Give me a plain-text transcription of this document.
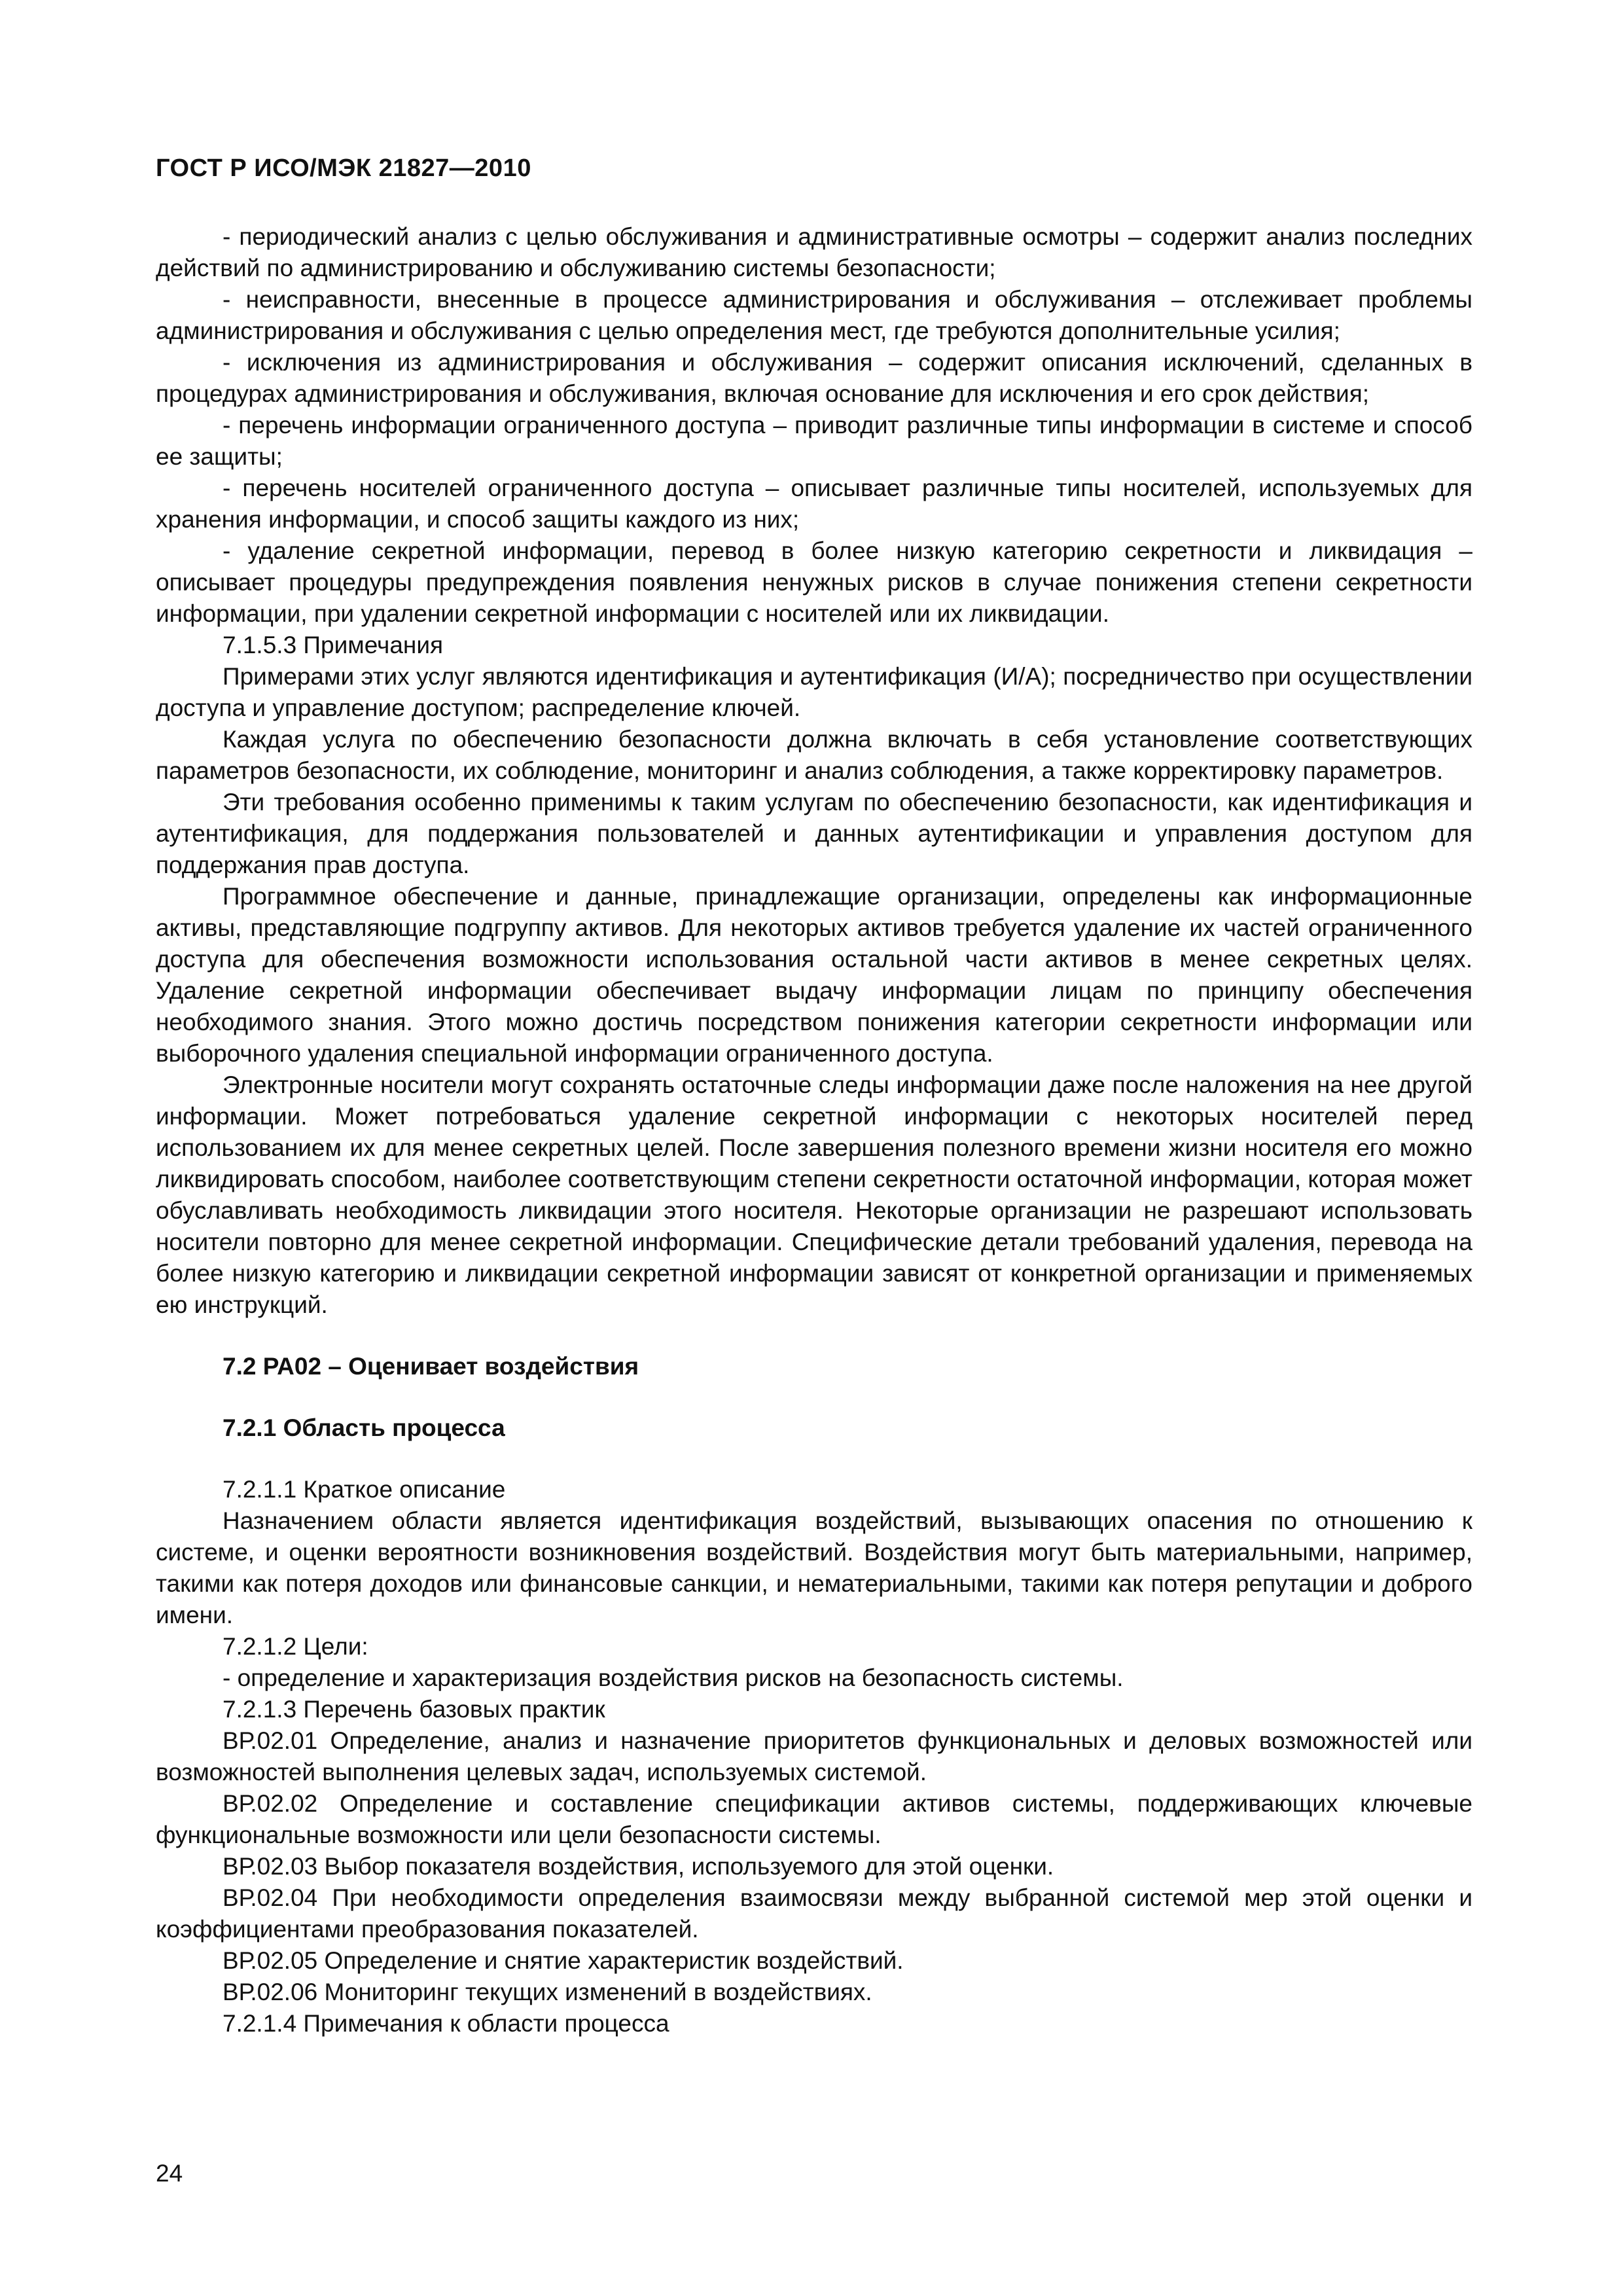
ГОСТ Р ИСО/МЭК 21827—2010

- периодический анализ с целью обслуживания и административные осмотры – содержит анализ последних действий по администрированию и обслуживанию системы безопасности;

- неисправности, внесенные в процессе администрирования и обслуживания – отслеживает проблемы администрирования и обслуживания с целью определения мест, где требуются дополнительные усилия;

- исключения из администрирования и обслуживания – содержит описания исключений, сделанных в процедурах администрирования и обслуживания, включая основание для исключения и его срок действия;

- перечень информации ограниченного доступа – приводит различные типы информации в системе и способ ее защиты;

- перечень носителей ограниченного доступа – описывает различные типы носителей, используемых для хранения информации, и способ защиты каждого из них;

- удаление секретной информации, перевод в более низкую категорию секретности и ликвидация – описывает процедуры предупреждения появления ненужных рисков в случае понижения степени секретности информации, при удалении секретной информации с носителей или их ликвидации.

7.1.5.3 Примечания

Примерами этих услуг являются идентификация и аутентификация (И/А); посредничество при осуществлении доступа и управление доступом; распределение ключей.

Каждая услуга по обеспечению безопасности должна включать в себя установление соответствующих параметров безопасности, их соблюдение, мониторинг и анализ соблюдения, а также корректировку параметров.

Эти требования особенно применимы к таким услугам по обеспечению безопасности, как идентификация и аутентификация, для поддержания пользователей и данных аутентификации и управления доступом для поддержания прав доступа.

Программное обеспечение и данные, принадлежащие организации, определены как информационные активы, представляющие подгруппу активов. Для некоторых активов требуется удаление их частей ограниченного доступа для обеспечения возможности использования остальной части активов в менее секретных целях. Удаление секретной информации обеспечивает выдачу информации лицам по принципу обеспечения необходимого знания. Этого можно достичь посредством понижения категории секретности информации или выборочного удаления специальной информации ограниченного доступа.

Электронные носители могут сохранять остаточные следы информации даже после наложения на нее другой информации. Может потребоваться удаление секретной информации с некоторых носителей перед использованием их для менее секретных целей. После завершения полезного времени жизни носителя его можно ликвидировать способом, наиболее соответствующим степени секретности остаточной информации, которая может обуславливать необходимость ликвидации этого носителя. Некоторые организации не разрешают использовать носители повторно для менее секретной информации. Специфические детали требований удаления, перевода на более низкую категорию и ликвидации секретной информации зависят от конкретной организации и применяемых ею инструкций.

7.2 РА02 – Оценивает воздействия

7.2.1 Область процесса

7.2.1.1 Краткое описание

Назначением области является идентификация воздействий, вызывающих опасения по отношению к системе, и оценки вероятности возникновения воздействий. Воздействия могут быть материальными, например, такими как потеря доходов или финансовые санкции, и нематериальными, такими как потеря репутации и доброго имени.

7.2.1.2 Цели:

- определение и характеризация воздействия рисков на безопасность системы.

7.2.1.3 Перечень базовых практик

ВР.02.01 Определение, анализ и назначение приоритетов функциональных и деловых возможностей или возможностей выполнения целевых задач, используемых системой.

ВР.02.02 Определение и составление спецификации активов системы, поддерживающих ключевые функциональные возможности или цели безопасности системы.

ВР.02.03 Выбор показателя воздействия, используемого для этой оценки.

ВР.02.04 При необходимости определения взаимосвязи между выбранной системой мер этой оценки и коэффициентами преобразования показателей.

ВР.02.05 Определение и снятие характеристик воздействий.

ВР.02.06 Мониторинг текущих изменений в воздействиях.

7.2.1.4 Примечания к области процесса

24
